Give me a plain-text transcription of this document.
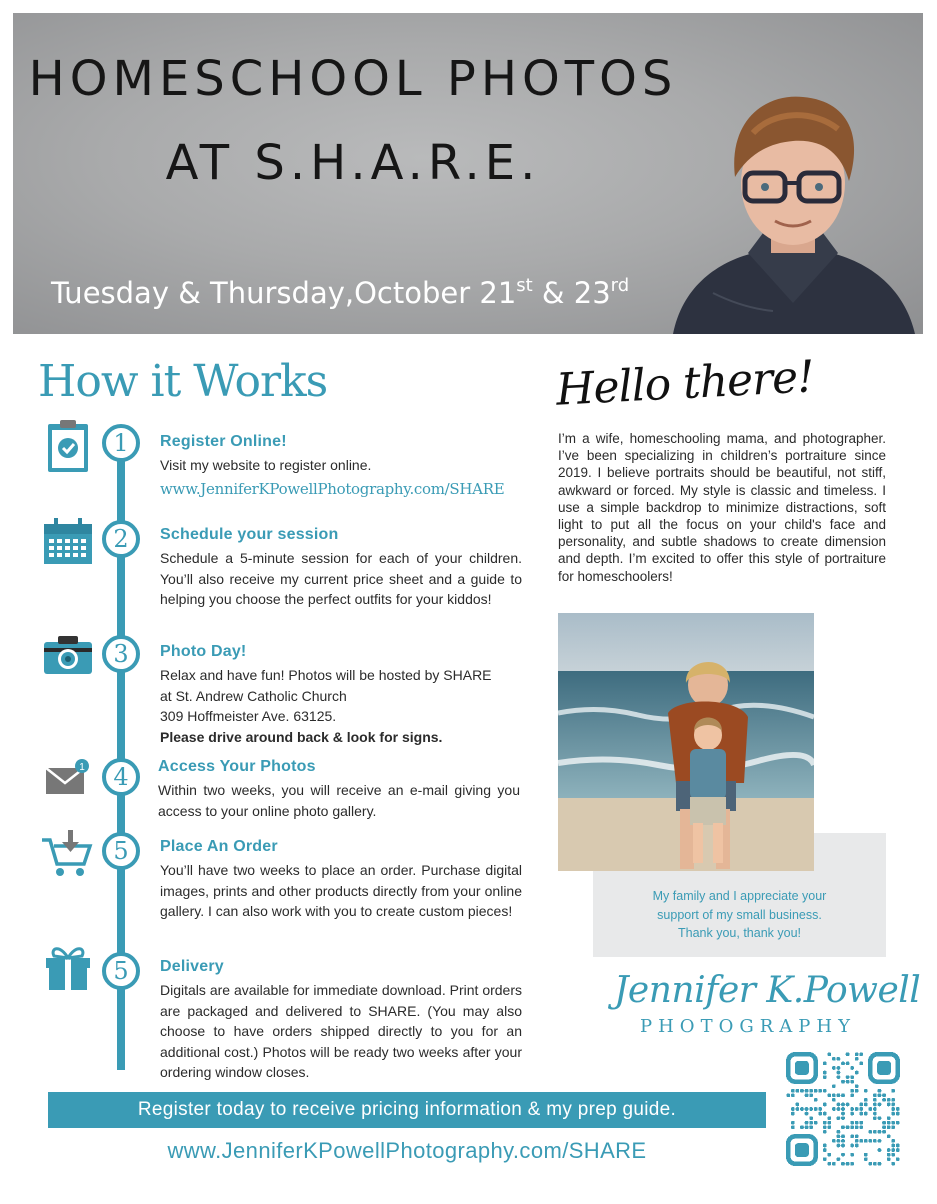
HOMESCHOOL PHOTOS
AT S.H.A.R.E.
Tuesday & Thursday,October 21st & 23rd
How it Works
1	Register Online!

Visit my website to register online.

www.JenniferKPowellPhotography.com/SHARE
2	Schedule your session

Schedule a 5-minute session for each of your children. You’ll also receive my current price sheet and a guide to helping you choose the perfect outfits for your kiddos!

3	Photo Day!

Relax and have fun! Photos will be hosted by SHARE

at St. Andrew Catholic Church

309 Hoffmeister Ave. 63125.

Please drive around back & look for signs.

1	4	Access Your Photos

Within two weeks, you will receive an e-mail giving you access to your online photo gallery.

5	Place An Order

You’ll have two weeks to place an order. Purchase digital images, prints and other products directly from your online gallery. I can also work with you to create custom pieces!

5	Delivery

Digitals are available for immediate download. Print orders are packaged and delivered to SHARE. (You may also choose to have orders shipped directly to you for an additional cost.) Photos will be ready two weeks after your ordering window closes.

Hello there!

I’m a wife, homeschooling mama, and photographer. I’ve been specializing in children’s portraiture since 2019. I believe portraits should be beautiful, not stiff, awkward or forced. My style is classic and timeless. I use a simple backdrop to minimize distractions, soft light to put all the focus on your child's face and personality, and subtle shadows to create dimension and depth. I’m excited to offer this style of portraiture for homeschoolers!

My family and I appreciate your
support of my small business.
Thank you, thank you!
Jennifer K.Powell
PHOTOGRAPHY
Register today to receive pricing information & my prep guide.
www.JenniferKPowellPhotography.com/SHARE
